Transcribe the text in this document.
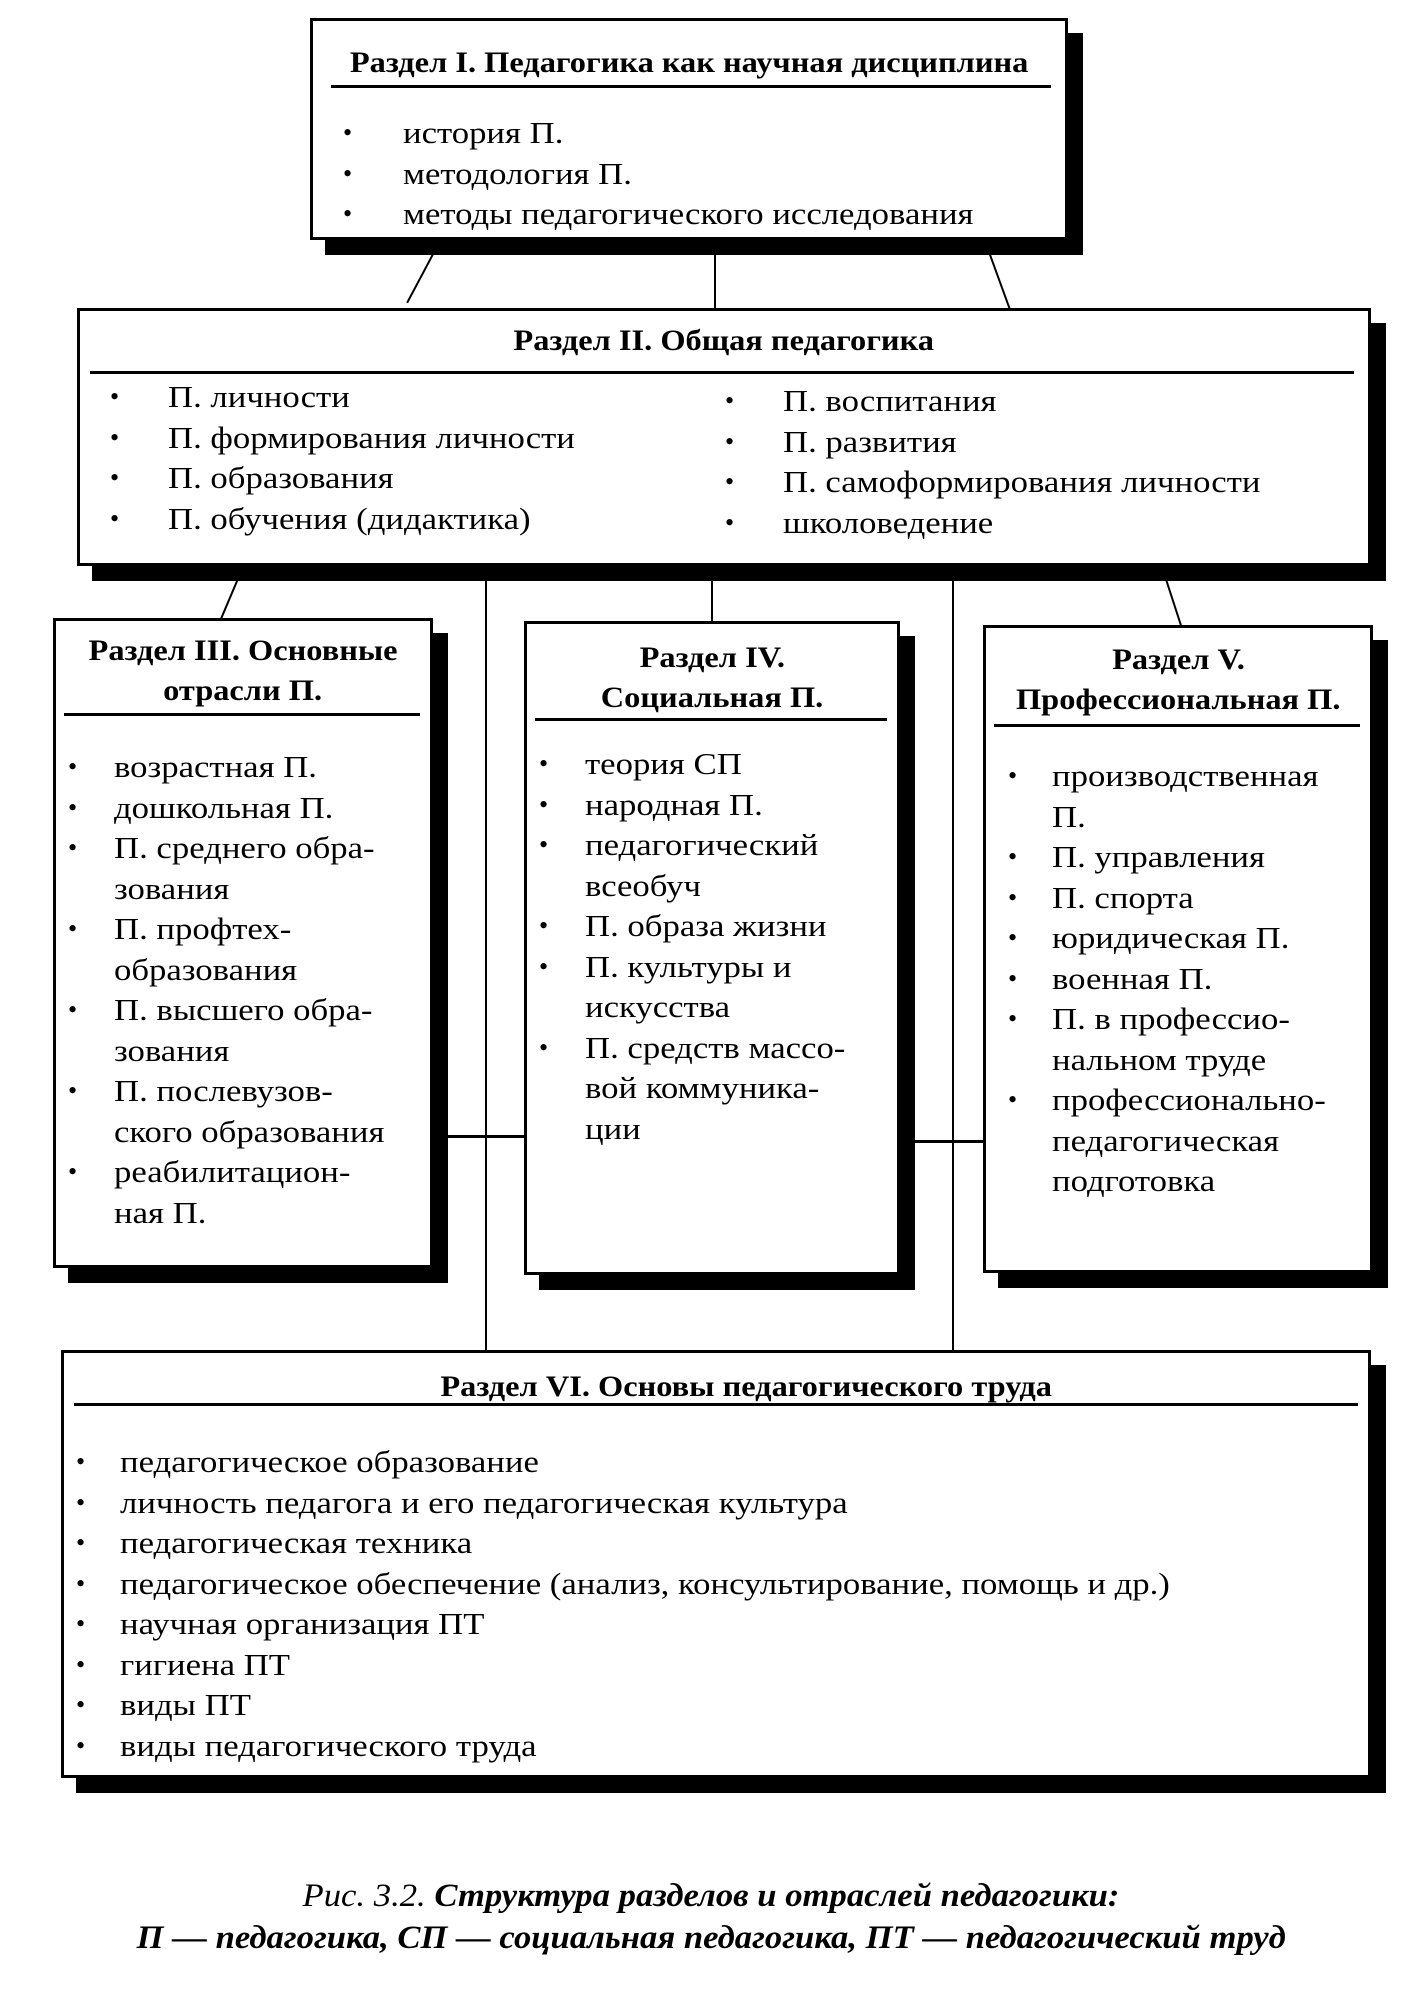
Раздел I. Педагогика как научная дисциплина
• история П.
• методология П.
• методы педагогического исследования
Раздел II. Общая педагогика
• П. личности
• П. формирования личности
• П. образования
• П. обучения (дидактика)
• П. воспитания
• П. развития
• П. самоформирования личности
• школоведение
Раздел III. Основные
отрасли П.
• возрастная П.
• дошкольная П.
• П. среднего обра-
зования
• П. профтех-
образования
• П. высшего обра-
зования
• П. послевузов-
ского образования
• реабилитацион-
ная П.
Раздел IV.
Социальная П.
• теория СП
• народная П.
• педагогический
всеобуч
• П. образа жизни
• П. культуры и
искусства
• П. средств массо-
вой коммуника-
ции
Раздел V.
Профессиональная П.
• производственная
П.
• П. управления
• П. спорта
• юридическая П.
• военная П.
• П. в профессио-
нальном труде
• профессионально-
педагогическая
подготовка
Раздел VI. Основы педагогического труда
• педагогическое образование
• личность педагога и его педагогическая культура
• педагогическая техника
• педагогическое обеспечение (анализ, консультирование, помощь и др.)
• научная организация ПТ
• гигиена ПТ
• виды ПТ
• виды педагогического труда
Рис. 3.2. Структура разделов и отраслей педагогики:
П — педагогика, СП — социальная педагогика, ПТ — педагогический труд
